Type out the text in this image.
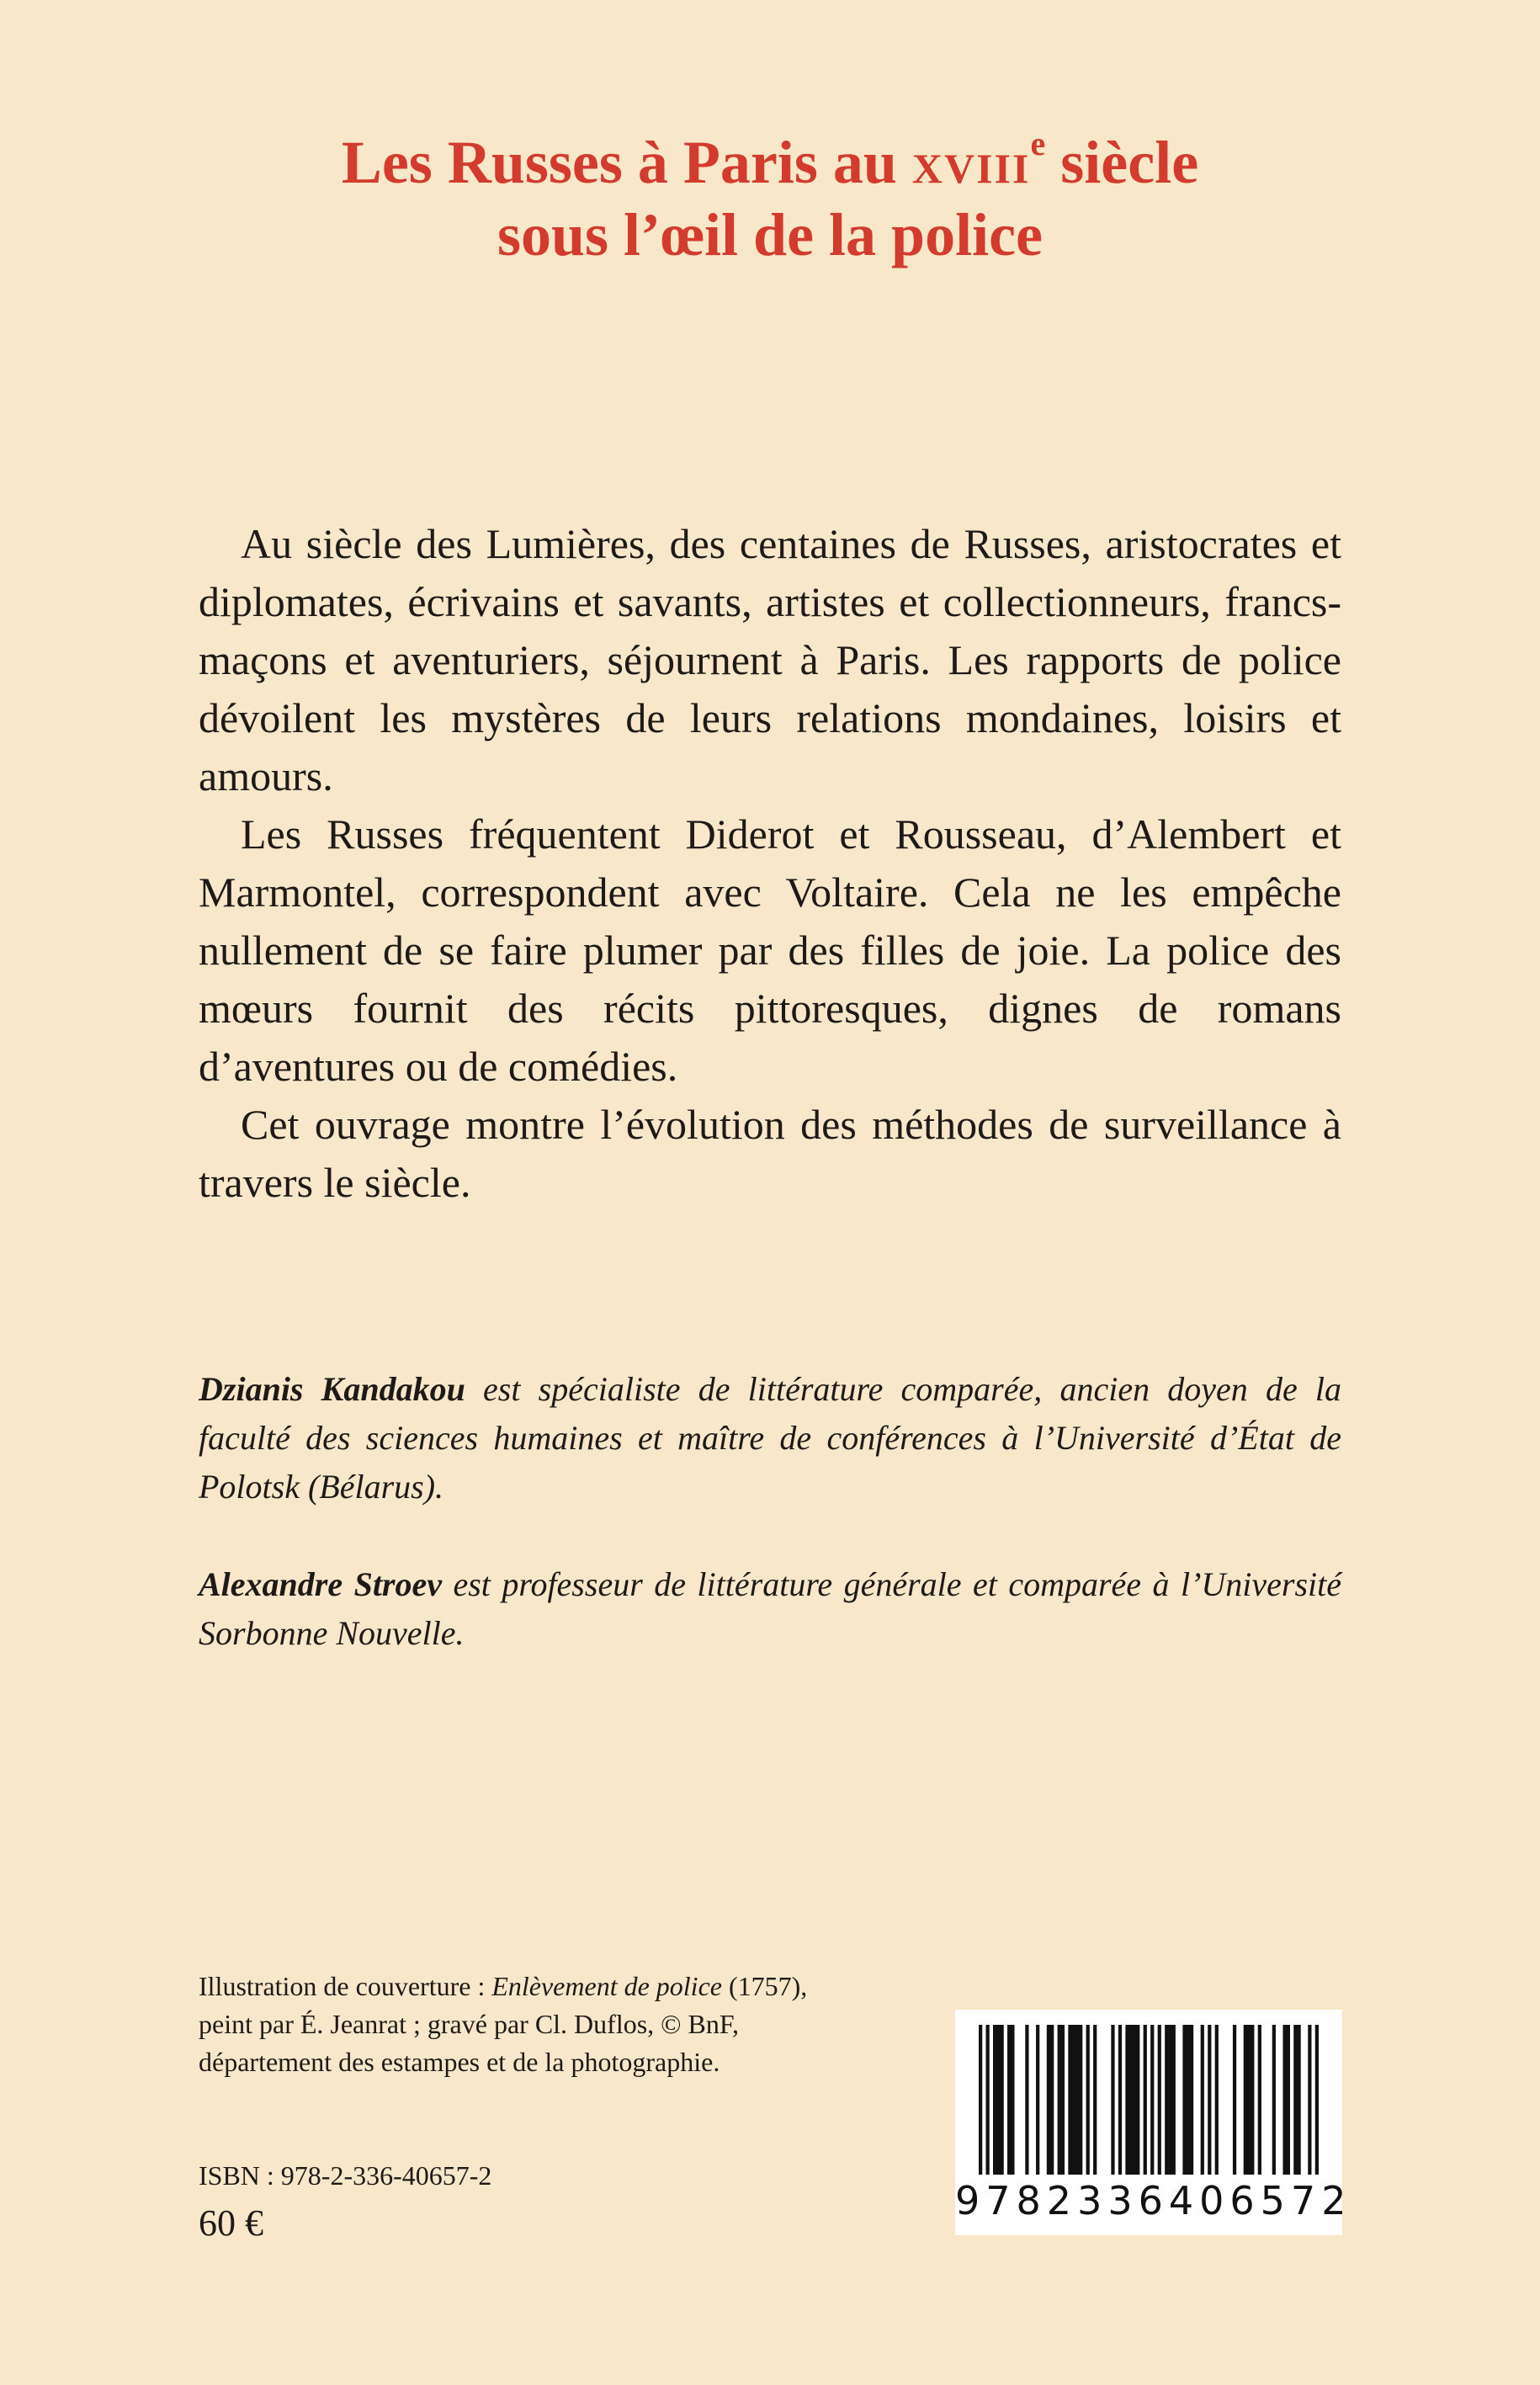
Les Russes à Paris au XVIIIe siècle
sous l’œil de la police

Au siècle des Lumières, des centaines de Russes, aristocrates et diplomates, écrivains et savants, artistes et collectionneurs, francs-maçons et aventuriers, séjournent à Paris. Les rapports de police dévoilent les mystères de leurs relations mondaines, loisirs et amours.

Les Russes fréquentent Diderot et Rousseau, d’Alembert et Marmontel, correspondent avec Voltaire. Cela ne les empêche nullement de se faire plumer par des filles de joie. La police des mœurs fournit des récits pittoresques, dignes de romans d’aventures ou de comédies.

Cet ouvrage montre l’évolution des méthodes de surveillance à travers le siècle.

Dzianis Kandakou est spécialiste de littérature comparée, ancien doyen de la faculté des sciences humaines et maître de conférences à l’Université d’État de Polotsk (Bélarus).

Alexandre Stroev est professeur de littérature générale et comparée à l’Université Sorbonne Nouvelle.

Illustration de couverture : Enlèvement de police (1757),
peint par É. Jeanrat ; gravé par Cl. Duflos, © BnF,
département des estampes et de la photographie.
ISBN : 978-2-336-40657-2
60 €	9782336406572
